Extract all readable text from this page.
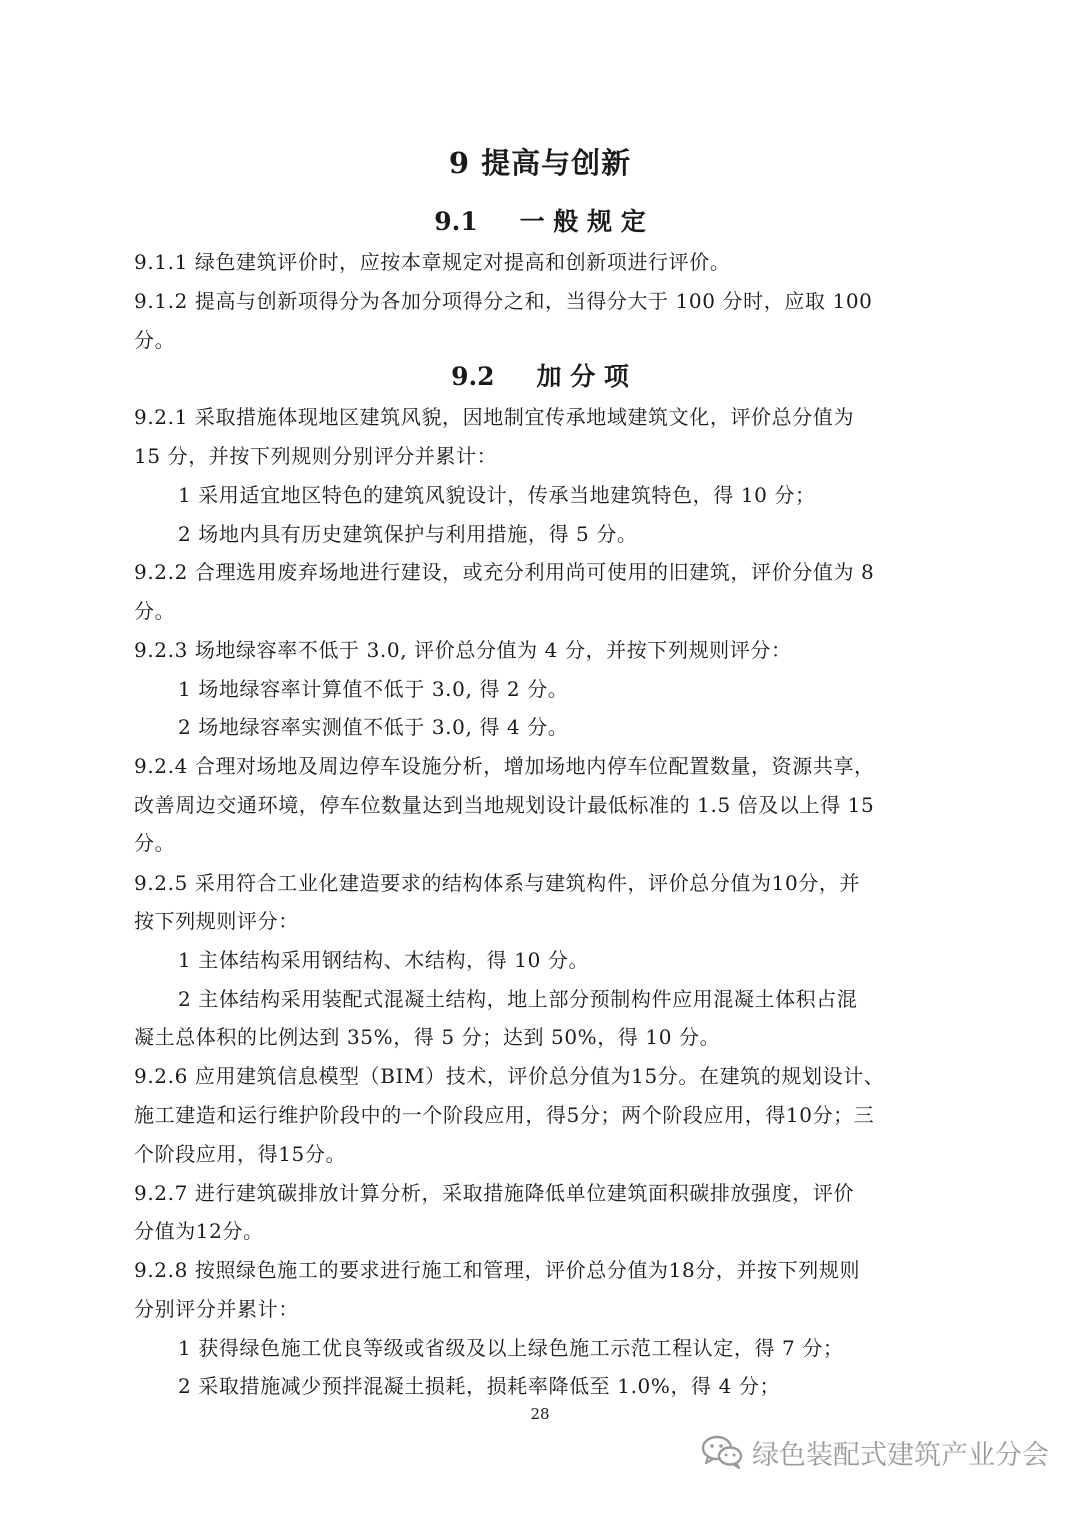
9 提高与创新
9.1   一 般 规 定
9.1.1 绿色建筑评价时，应按本章规定对提高和创新项进行评价。
9.1.2 提高与创新项得分为各加分项得分之和，当得分大于 100 分时，应取 100
分。
9.2   加 分 项
9.2.1 采取措施体现地区建筑风貌，因地制宜传承地域建筑文化，评价总分值为
15 分，并按下列规则分别评分并累计：
1 采用适宜地区特色的建筑风貌设计，传承当地建筑特色，得 10 分；
2 场地内具有历史建筑保护与利用措施，得 5 分。
9.2.2 合理选用废弃场地进行建设，或充分利用尚可使用的旧建筑，评价分值为 8
分。
9.2.3 场地绿容率不低于 3.0, 评价总分值为 4 分，并按下列规则评分：
1 场地绿容率计算值不低于 3.0, 得 2 分。
2 场地绿容率实测值不低于 3.0, 得 4 分。
9.2.4 合理对场地及周边停车设施分析，增加场地内停车位配置数量，资源共享，
改善周边交通环境，停车位数量达到当地规划设计最低标准的 1.5 倍及以上得 15
分。
9.2.5 采用符合工业化建造要求的结构体系与建筑构件，评价总分值为10分，并
按下列规则评分：
1 主体结构采用钢结构、木结构，得 10 分。
2 主体结构采用装配式混凝土结构，地上部分预制构件应用混凝土体积占混
凝土总体积的比例达到 35%，得 5 分；达到 50%，得 10 分。
9.2.6 应用建筑信息模型（BIM）技术，评价总分值为15分。在建筑的规划设计、
施工建造和运行维护阶段中的一个阶段应用，得5分；两个阶段应用，得10分；三
个阶段应用，得15分。
9.2.7 进行建筑碳排放计算分析，采取措施降低单位建筑面积碳排放强度，评价
分值为12分。
9.2.8 按照绿色施工的要求进行施工和管理，评价总分值为18分，并按下列规则
分别评分并累计：
1 获得绿色施工优良等级或省级及以上绿色施工示范工程认定，得 7 分；
2 采取措施减少预拌混凝土损耗，损耗率降低至 1.0%，得 4 分；
28
绿色装配式建筑产业分会
